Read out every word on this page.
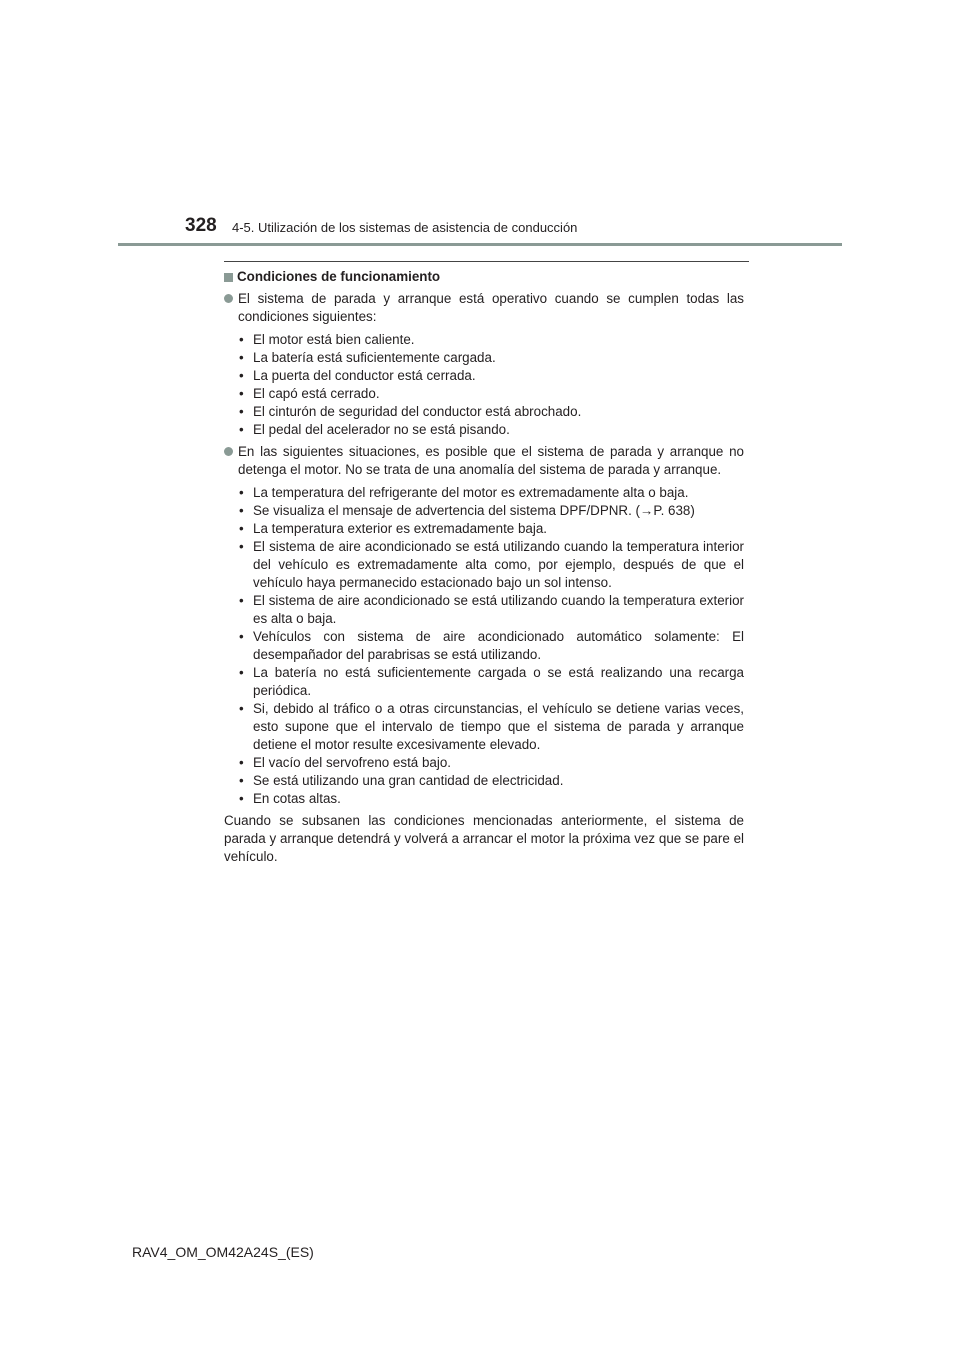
328 4-5. Utilización de los sistemas de asistencia de conducción
Condiciones de funcionamiento
El sistema de parada y arranque está operativo cuando se cumplen todas las condiciones siguientes:
• El motor está bien caliente.
• La batería está suficientemente cargada.
• La puerta del conductor está cerrada.
• El capó está cerrado.
• El cinturón de seguridad del conductor está abrochado.
• El pedal del acelerador no se está pisando.
En las siguientes situaciones, es posible que el sistema de parada y arranque no detenga el motor. No se trata de una anomalía del sistema de parada y arranque.
• La temperatura del refrigerante del motor es extremadamente alta o baja.
• Se visualiza el mensaje de advertencia del sistema DPF/DPNR. (→P. 638)
• La temperatura exterior es extremadamente baja.
• El sistema de aire acondicionado se está utilizando cuando la temperatura interior del vehículo es extremadamente alta como, por ejemplo, después de que el vehículo haya permanecido estacionado bajo un sol intenso.
• El sistema de aire acondicionado se está utilizando cuando la temperatura exterior es alta o baja.
• Vehículos con sistema de aire acondicionado automático solamente: El desempañador del parabrisas se está utilizando.
• La batería no está suficientemente cargada o se está realizando una recarga periódica.
• Si, debido al tráfico o a otras circunstancias, el vehículo se detiene varias veces, esto supone que el intervalo de tiempo que el sistema de parada y arranque detiene el motor resulte excesivamente elevado.
• El vacío del servofreno está bajo.
• Se está utilizando una gran cantidad de electricidad.
• En cotas altas.

Cuando se subsanen las condiciones mencionadas anteriormente, el sistema de parada y arranque detendrá y volverá a arrancar el motor la próxima vez que se pare el vehículo.

RAV4_OM_OM42A24S_(ES)
